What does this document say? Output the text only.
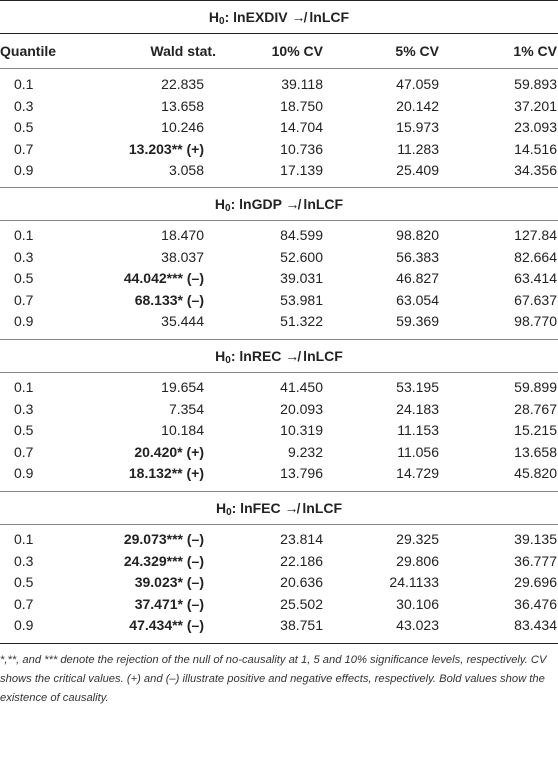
$H_0$: lnEXDIV ↛ lnLCF
Quantile	Wald stat.	10% CV	5% CV	1% CV
0.1	22.835	39.118	47.059	59.893
0.3	13.658	18.750	20.142	37.201
0.5	10.246	14.704	15.973	23.093
0.7	13.203** (+)	10.736	11.283	14.516
0.9	3.058	17.139	25.409	34.356
$H_0$: lnGDP ↛ lnLCF
0.1	18.470	84.599	98.820	127.84
0.3	38.037	52.600	56.383	82.664
0.5	44.042*** (–)	39.031	46.827	63.414
0.7	68.133* (–)	53.981	63.054	67.637
0.9	35.444	51.322	59.369	98.770
$H_0$: lnREC ↛ lnLCF
0.1	19.654	41.450	53.195	59.899
0.3	7.354	20.093	24.183	28.767
0.5	10.184	10.319	11.153	15.215
0.7	20.420* (+)	9.232	11.056	13.658
0.9	18.132** (+)	13.796	14.729	45.820
$H_0$: lnFEC ↛ lnLCF
0.1	29.073*** (–)	23.814	29.325	39.135
0.3	24.329*** (–)	22.186	29.806	36.777
0.5	39.023* (–)	20.636	24.1133	29.696
0.7	37.471* (–)	25.502	30.106	36.476
0.9	47.434** (–)	38.751	43.023	83.434
*,**, and *** denote the rejection of the null of no-causality at 1, 5 and 10% significance levels, respectively. CV shows the critical values. (+) and (–) illustrate positive and negative effects, respectively. Bold values show the existence of causality.
